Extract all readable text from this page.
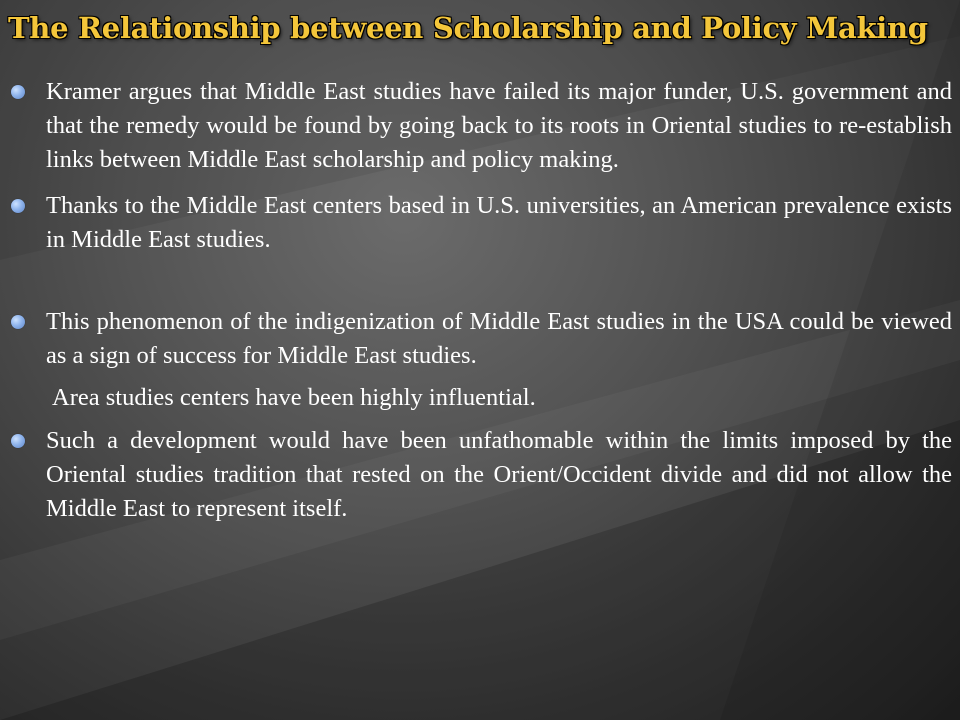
The Relationship between Scholarship and Policy Making

Kramer argues that Middle East studies have failed its major funder, U.S. government and that the remedy would be found by going back to its roots in Oriental studies to re-establish links between Middle East scholarship and policy making.

Thanks to the Middle East centers based in U.S. universities, an American prevalence exists in Middle East studies.

This phenomenon of the indigenization of Middle East studies in the USA could be viewed as a sign of success for Middle East studies.

Area studies centers have been highly influential.

Such a development would have been unfathomable within the limits imposed by the Oriental studies tradition that rested on the Orient/Occident divide and did not allow the Middle East to represent itself.
